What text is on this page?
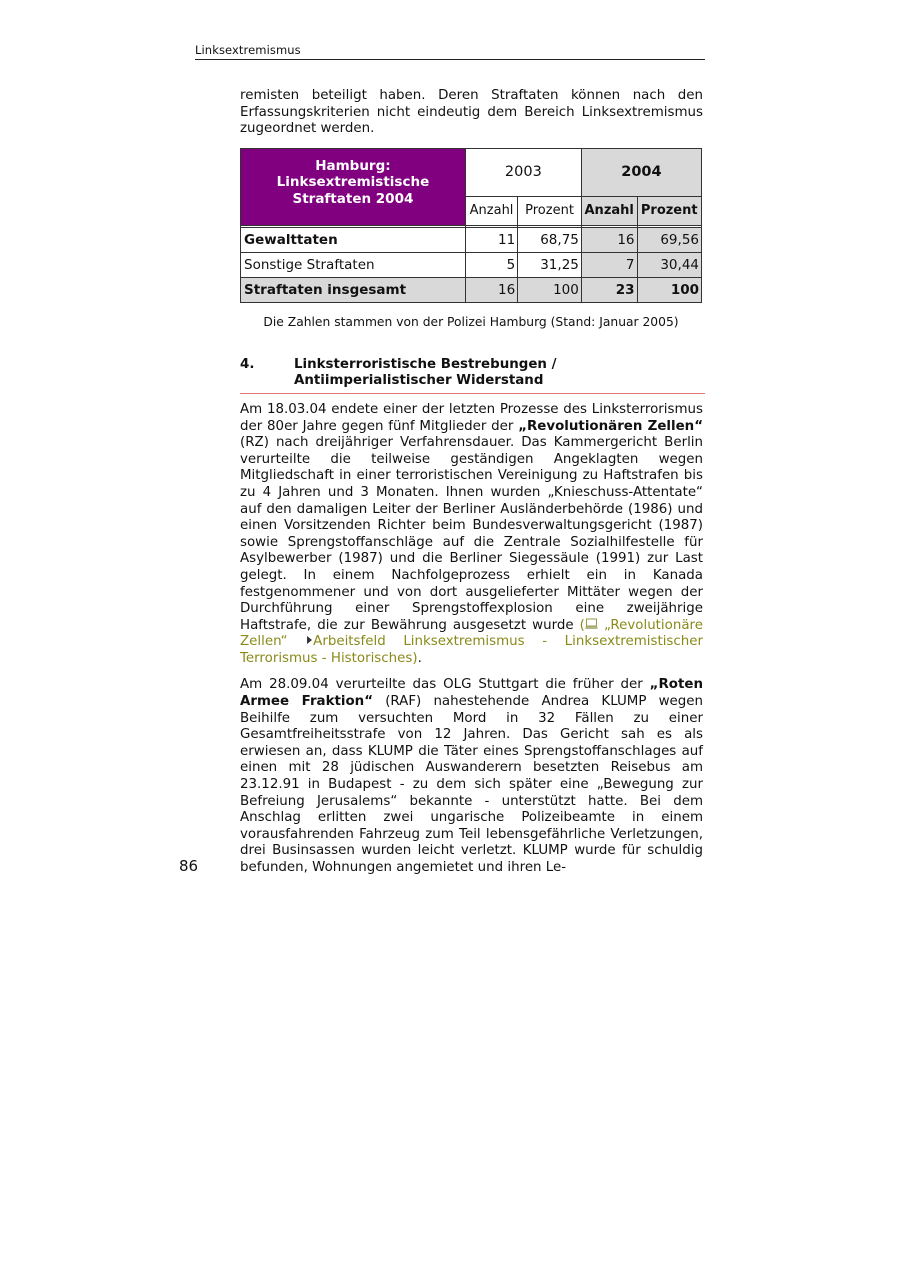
Linksextremismus

remisten beteiligt haben. Deren Straftaten können nach den Erfassungskriterien nicht eindeutig dem Bereich Linksextremismus zugeordnet werden.

Hamburg:
Linksextremistische
Straftaten 2004	2003		2004	
	Anzahl	Prozent	Anzahl	Prozent

Gewalttaten	11	68,75	16	69,56
Sonstige Straftaten	5	31,25	7	30,44
Straftaten insgesamt	16	100	23	100
Die Zahlen stammen von der Polizei Hamburg (Stand: Januar 2005)
4.	Linksterroristische Bestrebungen /
Antiimperialistischer Widerstand

Am 18.03.04 endete einer der letzten Prozesse des Linksterrorismus der 80er Jahre gegen fünf Mitglieder der „Revolutionären Zellen“ (RZ) nach dreijähriger Verfahrensdauer. Das Kammergericht Berlin verurteilte die teilweise geständigen Angeklagten wegen Mitgliedschaft in einer terroristischen Vereinigung zu Haftstrafen bis zu 4 Jahren und 3 Monaten. Ihnen wurden „Knieschuss-Attentate“ auf den damaligen Leiter der Berliner Ausländerbehörde (1986) und einen Vorsitzenden Richter beim Bundesverwaltungsgericht (1987) sowie Sprengstoffanschläge auf die Zentrale Sozialhilfestelle für Asylbewerber (1987) und die Berliner Siegessäule (1991) zur Last gelegt. In einem Nachfolgeprozess erhielt ein in Kanada festgenommener und von dort ausgelieferter Mittäter wegen der Durchführung einer Sprengstoffexplosion eine zweijährige Haftstrafe, die zur Bewährung ausgesetzt wurde ( „Revolutionäre Zellen“ Arbeitsfeld Linksextremismus - Linksextremistischer Terrorismus - Historisches).

Am 28.09.04 verurteilte das OLG Stuttgart die früher der „Roten Armee Fraktion“ (RAF) nahestehende Andrea KLUMP wegen Beihilfe zum versuchten Mord in 32 Fällen zu einer Gesamtfreiheitsstrafe von 12 Jahren. Das Gericht sah es als erwiesen an, dass KLUMP die Täter eines Sprengstoffanschlages auf einen mit 28 jüdischen Auswanderern besetzten Reisebus am 23.12.91 in Budapest - zu dem sich später eine „Bewegung zur Befreiung Jerusalems“ bekannte - unterstützt hatte. Bei dem Anschlag erlitten zwei ungarische Polizeibeamte in einem vorausfahrenden Fahrzeug zum Teil lebensgefährliche Verletzungen, drei Businsassen wurden leicht verletzt. KLUMP wurde für schuldig befunden, Wohnungen angemietet und ihren Le-

86
